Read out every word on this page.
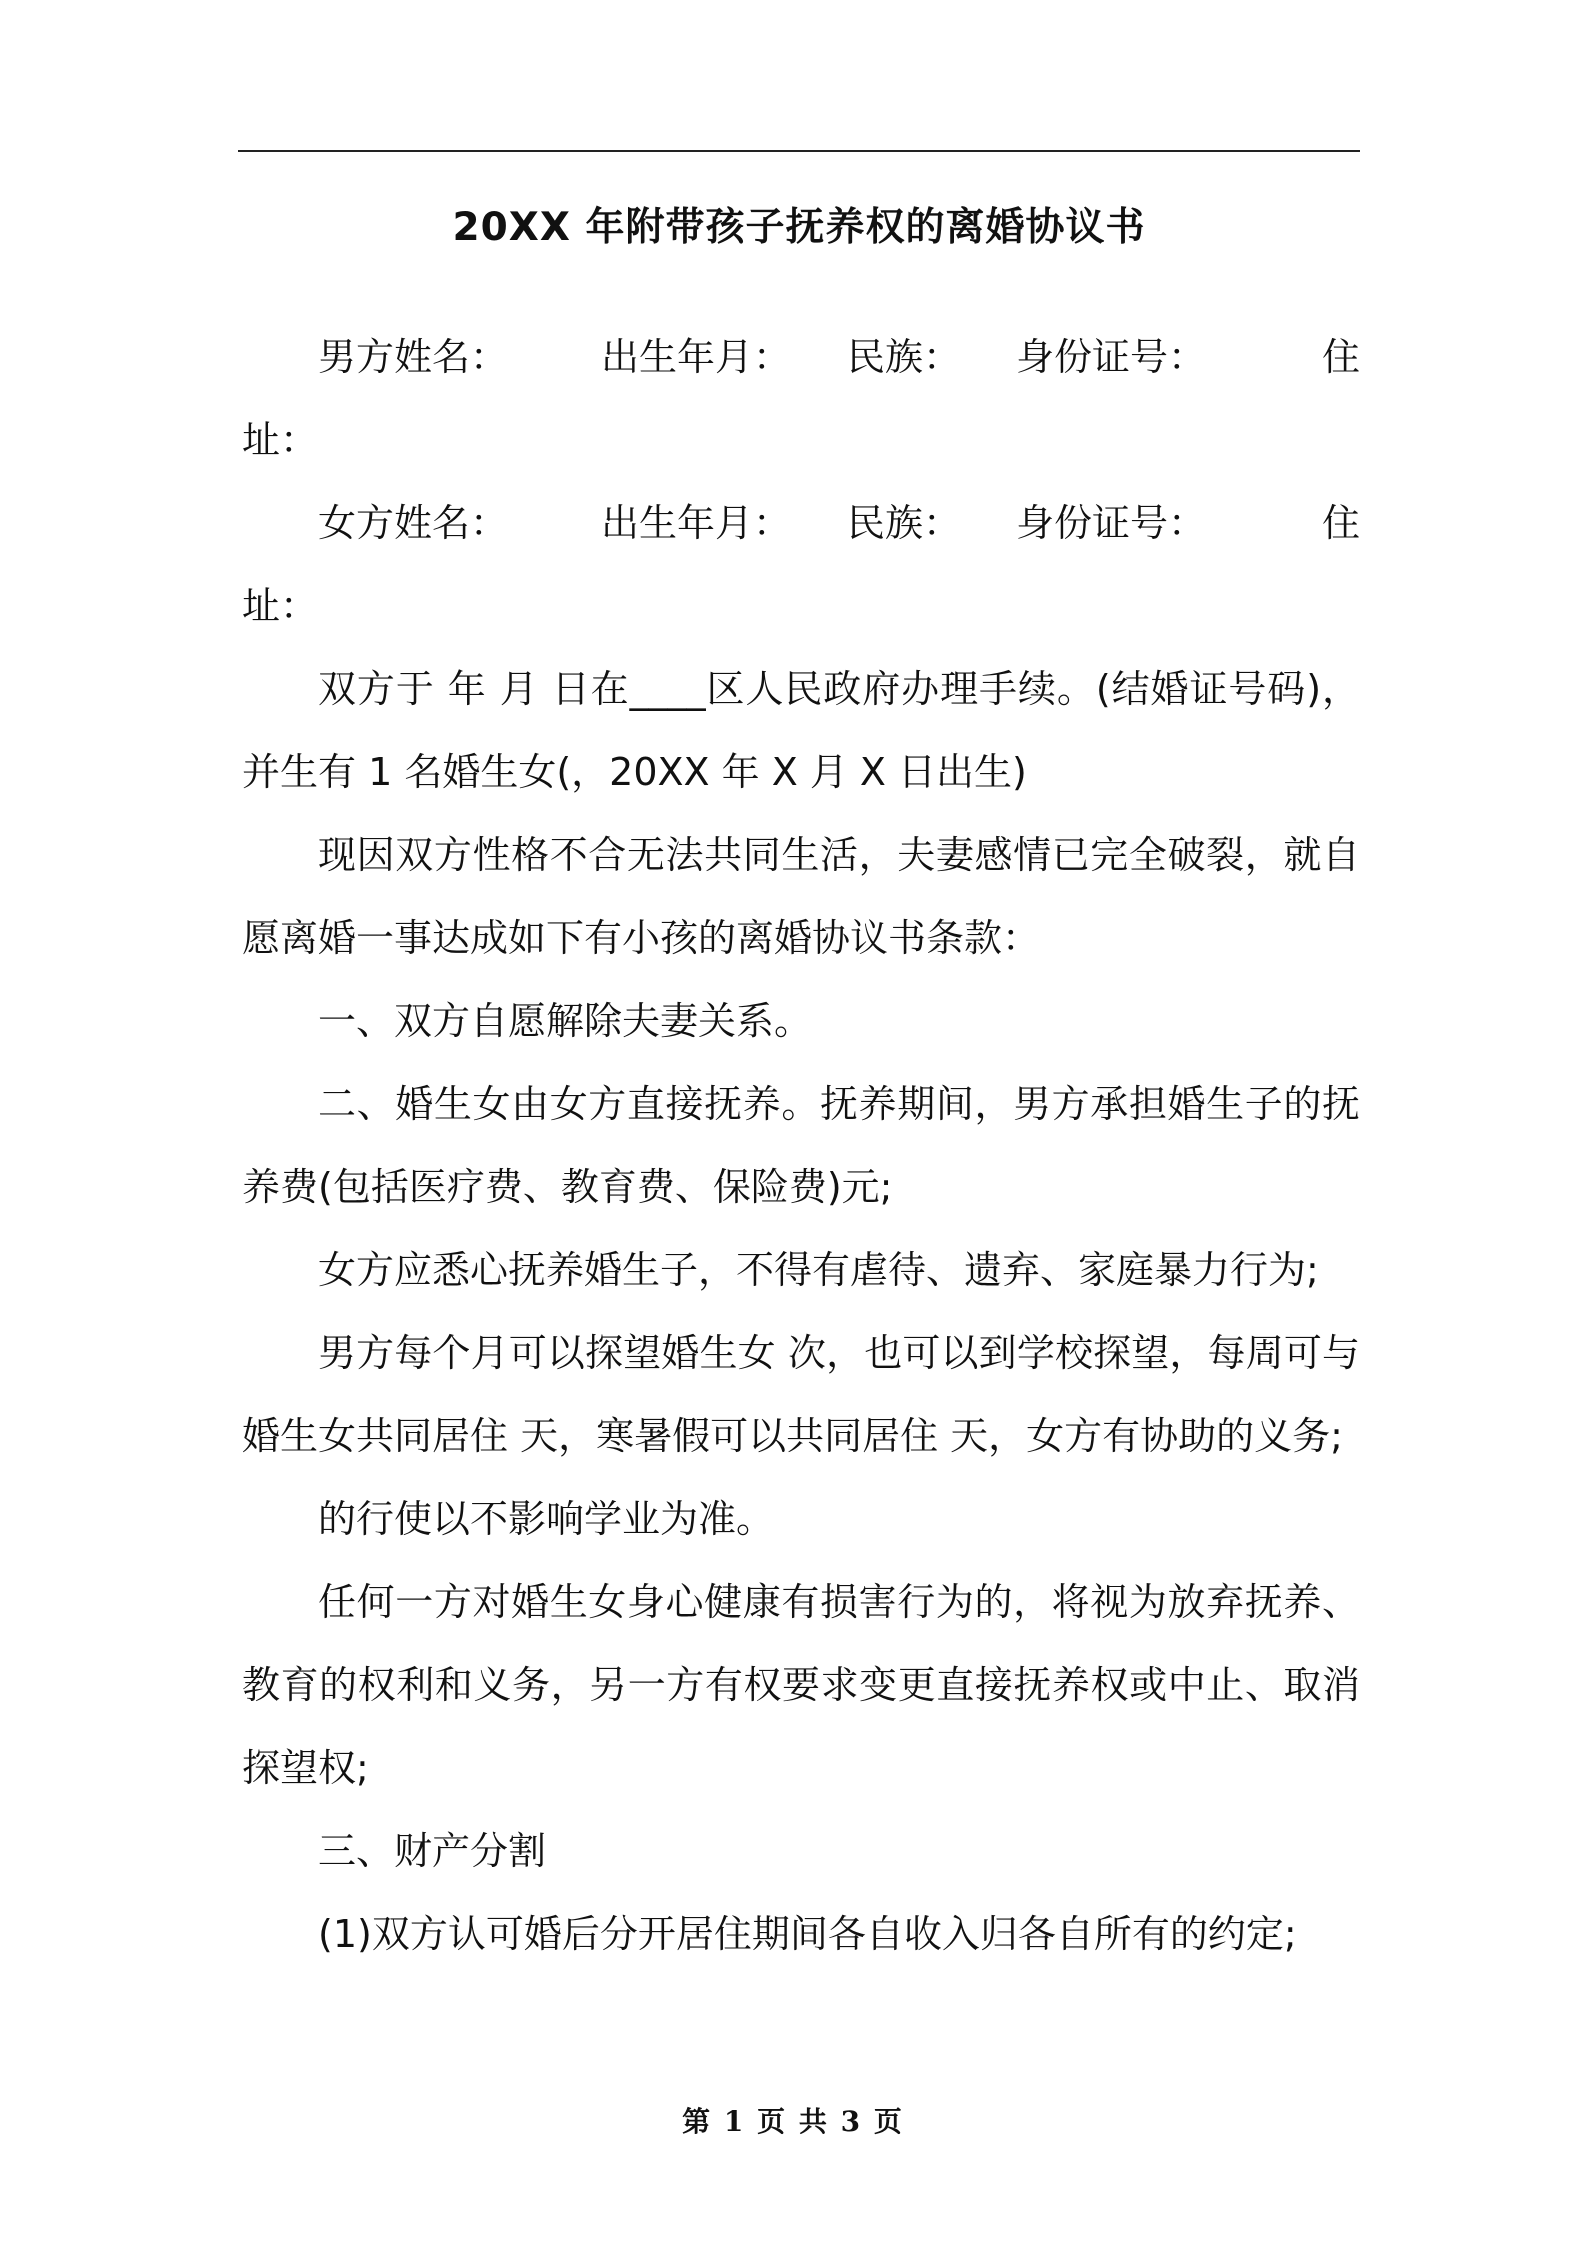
20XX 年附带孩子抚养权的离婚协议书
男方姓名：	出生年月：	民族：	身份证号：	住

址：

女方姓名：	出生年月：	民族：	身份证号：	住

址：

双方于 年 月 日在____区人民政府办理手续。(结婚证号码)，并生有 1 名婚生女(，20XX 年 X 月 X 日出生)

现因双方性格不合无法共同生活，夫妻感情已完全破裂，就自愿离婚一事达成如下有小孩的离婚协议书条款：

一、双方自愿解除夫妻关系。

二、婚生女由女方直接抚养。抚养期间，男方承担婚生子的抚养费(包括医疗费、教育费、保险费)元;

女方应悉心抚养婚生子，不得有虐待、遗弃、家庭暴力行为;

男方每个月可以探望婚生女 次，也可以到学校探望，每周可与婚生女共同居住 天，寒暑假可以共同居住 天，女方有协助的义务;

的行使以不影响学业为准。

任何一方对婚生女身心健康有损害行为的，将视为放弃抚养、教育的权利和义务，另一方有权要求变更直接抚养权或中止、取消探望权;

三、财产分割

(1)双方认可婚后分开居住期间各自收入归各自所有的约定;

第 1 页 共 3 页
